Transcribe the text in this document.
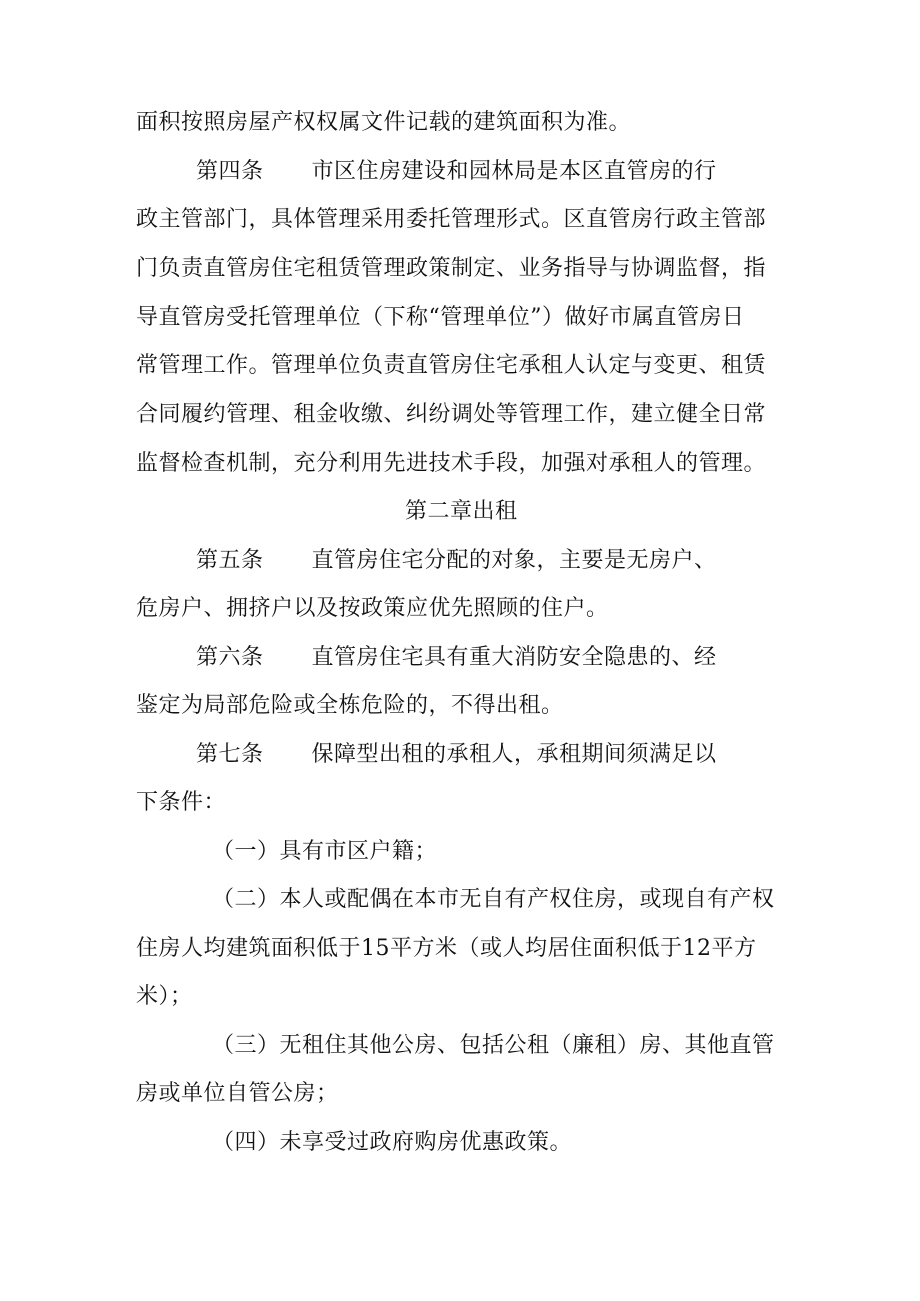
面积按照房屋产权权属文件记载的建筑面积为准。
第四条 市区住房建设和园林局是本区直管房的行
政主管部门，具体管理采用委托管理形式。区直管房行政主管部
门负责直管房住宅租赁管理政策制定、业务指导与协调监督，指
导直管房受托管理单位（下称“管理单位”）做好市属直管房日
常管理工作。管理单位负责直管房住宅承租人认定与变更、租赁
合同履约管理、租金收缴、纠纷调处等管理工作，建立健全日常
监督检查机制，充分利用先进技术手段，加强对承租人的管理。
第二章出租
第五条 直管房住宅分配的对象，主要是无房户、
危房户、拥挤户以及按政策应优先照顾的住户。
第六条 直管房住宅具有重大消防安全隐患的、经
鉴定为局部危险或全栋危险的，不得出租。
第七条 保障型出租的承租人，承租期间须满足以
下条件：
（一）具有市区户籍；
（二）本人或配偶在本市无自有产权住房，或现自有产权
住房人均建筑面积低于15平方米（或人均居住面积低于12平方
米）；
（三）无租住其他公房、包括公租（廉租）房、其他直管
房或单位自管公房；
（四）未享受过政府购房优惠政策。
